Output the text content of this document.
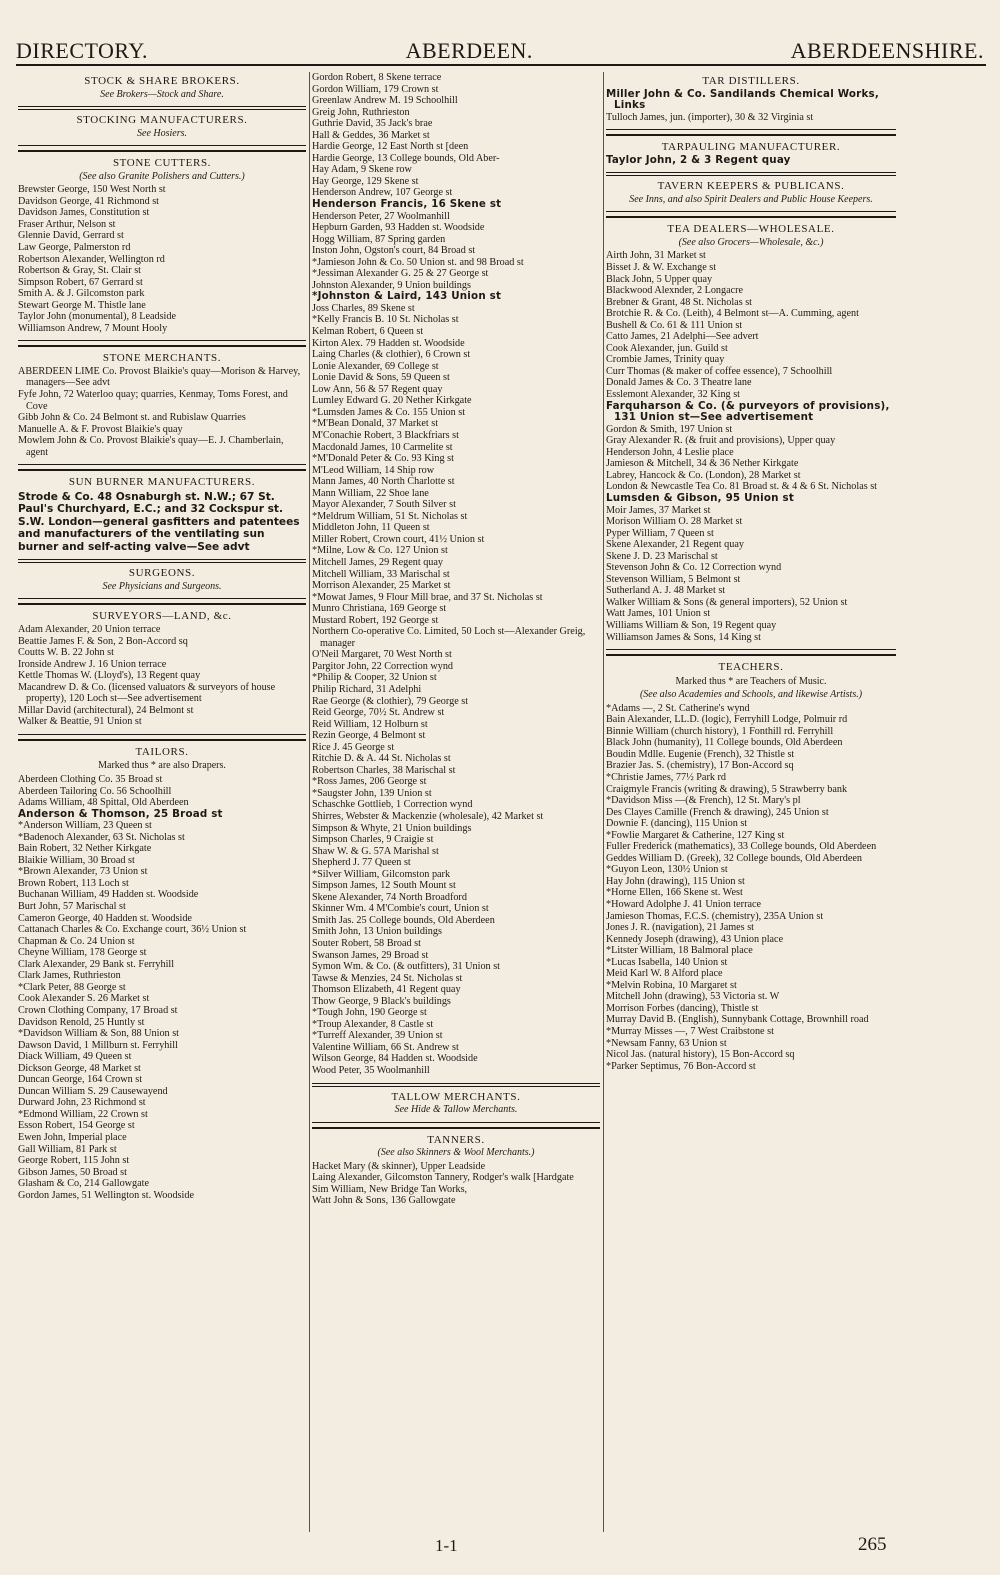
DIRECTORY.	ABERDEEN.	ABERDEENSHIRE.
STOCK & SHARE BROKERS.

See Brokers—Stock and Share.

STOCKING MANUFACTURERS.

See Hosiers.

STONE CUTTERS.

(See also Granite Polishers and Cutters.)

Brewster George, 150 West North st

Davidson George, 41 Richmond st

Davidson James, Constitution st

Fraser Arthur, Nelson st

Glennie David, Gerrard st

Law George, Palmerston rd

Robertson Alexander, Wellington rd

Robertson & Gray, St. Clair st

Simpson Robert, 67 Gerrard st

Smith A. & J. Gilcomston park

Stewart George M. Thistle lane

Taylor John (monumental), 8 Leadside

Williamson Andrew, 7 Mount Hooly

STONE MERCHANTS.

ABERDEEN LIME Co. Provost Blaikie's quay—Morison & Harvey, managers—See advt

Fyfe John, 72 Waterloo quay; quarries, Kenmay, Toms Forest, and Cove

Gibb John & Co. 24 Belmont st. and Rubislaw Quarries

Manuelle A. & F. Provost Blaikie's quay

Mowlem John & Co. Provost Blaikie's quay—E. J. Chamberlain, agent

SUN BURNER MANUFACTURERS.

Strode & Co. 48 Osnaburgh st. N.W.; 67 St. Paul's Churchyard, E.C.; and 32 Cockspur st. S.W. London—general gasfitters and patentees and manufacturers of the ventilating sun burner and self-acting valve—See advt

SURGEONS.

See Physicians and Surgeons.

SURVEYORS—LAND, &c.

Adam Alexander, 20 Union terrace

Beattie James F. & Son, 2 Bon-Accord sq

Coutts W. B. 22 John st

Ironside Andrew J. 16 Union terrace

Kettle Thomas W. (Lloyd's), 13 Regent quay

Macandrew D. & Co. (licensed valuators & surveyors of house property), 120 Loch st—See advertisement

Millar David (architectural), 24 Belmont st

Walker & Beattie, 91 Union st

TAILORS.

Marked thus * are also Drapers.

Aberdeen Clothing Co. 35 Broad st

Aberdeen Tailoring Co. 56 Schoolhill

Adams William, 48 Spittal, Old Aberdeen

Anderson & Thomson, 25 Broad st

*Anderson William, 23 Queen st

*Badenoch Alexander, 63 St. Nicholas st

Bain Robert, 32 Nether Kirkgate

Blaikie William, 30 Broad st

*Brown Alexander, 73 Union st

Brown Robert, 113 Loch st

Buchanan William, 49 Hadden st. Woodside

Burt John, 57 Marischal st

Cameron George, 40 Hadden st. Woodside

Cattanach Charles & Co. Exchange court, 36½ Union st

Chapman & Co. 24 Union st

Cheyne William, 178 George st

Clark Alexander, 29 Bank st. Ferryhill

Clark James, Ruthrieston

*Clark Peter, 88 George st

Cook Alexander S. 26 Market st

Crown Clothing Company, 17 Broad st

Davidson Renold, 25 Huntly st

*Davidson William & Son, 88 Union st

Dawson David, 1 Millburn st. Ferryhill

Diack William, 49 Queen st

Dickson George, 48 Market st

Duncan George, 164 Crown st

Duncan William S. 29 Causewayend

Durward John, 23 Richmond st

*Edmond William, 22 Crown st

Esson Robert, 154 George st

Ewen John, Imperial place

Gall William, 81 Park st

George Robert, 115 John st

Gibson James, 50 Broad st

Glasham & Co, 214 Gallowgate

Gordon James, 51 Wellington st. Woodside

Gordon Robert, 8 Skene terrace

Gordon William, 179 Crown st

Greenlaw Andrew M. 19 Schoolhill

Greig John, Ruthrieston

Guthrie David, 35 Jack's brae

Hall & Geddes, 36 Market st

Hardie George, 12 East North st [deen

Hardie George, 13 College bounds, Old Aber-

Hay Adam, 9 Skene row

Hay George, 129 Skene st

Henderson Andrew, 107 George st

Henderson Francis, 16 Skene st

Henderson Peter, 27 Woolmanhill

Hepburn Garden, 93 Hadden st. Woodside

Hogg William, 87 Spring garden

Inston John, Ogston's court, 84 Broad st

*Jamieson John & Co. 50 Union st. and 98 Broad st

*Jessiman Alexander G. 25 & 27 George st

Johnston Alexander, 9 Union buildings

*Johnston & Laird, 143 Union st

Joss Charles, 89 Skene st

*Kelly Francis B. 10 St. Nicholas st

Kelman Robert, 6 Queen st

Kirton Alex. 79 Hadden st. Woodside

Laing Charles (& clothier), 6 Crown st

Lonie Alexander, 69 College st

Lonie David & Sons, 59 Queen st

Low Ann, 56 & 57 Regent quay

Lumley Edward G. 20 Nether Kirkgate

*Lumsden James & Co. 155 Union st

*M'Bean Donald, 37 Market st

M'Conachie Robert, 3 Blackfriars st

Macdonald James, 10 Carmelite st

*M'Donald Peter & Co. 93 King st

M'Leod William, 14 Ship row

Mann James, 40 North Charlotte st

Mann William, 22 Shoe lane

Mayor Alexander, 7 South Silver st

*Meldrum William, 51 St. Nicholas st

Middleton John, 11 Queen st

Miller Robert, Crown court, 41½ Union st

*Milne, Low & Co. 127 Union st

Mitchell James, 29 Regent quay

Mitchell William, 33 Marischal st

Morrison Alexander, 25 Market st

*Mowat James, 9 Flour Mill brae, and 37 St. Nicholas st

Munro Christiana, 169 George st

Mustard Robert, 192 George st

Northern Co-operative Co. Limited, 50 Loch st—Alexander Greig, manager

O'Neil Margaret, 70 West North st

Pargitor John, 22 Correction wynd

*Philip & Cooper, 32 Union st

Philip Richard, 31 Adelphi

Rae George (& clothier), 79 George st

Reid George, 70½ St. Andrew st

Reid William, 12 Holburn st

Rezin George, 4 Belmont st

Rice J. 45 George st

Ritchie D. & A. 44 St. Nicholas st

Robertson Charles, 38 Marischal st

*Ross James, 206 George st

*Saugster John, 139 Union st

Schaschke Gottlieb, 1 Correction wynd

Shirres, Webster & Mackenzie (wholesale), 42 Market st

Simpson & Whyte, 21 Union buildings

Simpson Charles, 9 Craigie st

Shaw W. & G. 57A Marishal st

Shepherd J. 77 Queen st

*Silver William, Gilcomston park

Simpson James, 12 South Mount st

Skene Alexander, 74 North Broadford

Skinner Wm. 4 M'Combie's court, Union st

Smith Jas. 25 College bounds, Old Aberdeen

Smith John, 13 Union buildings

Souter Robert, 58 Broad st

Swanson James, 29 Broad st

Symon Wm. & Co. (& outfitters), 31 Union st

Tawse & Menzies, 24 St. Nicholas st

Thomson Elizabeth, 41 Regent quay

Thow George, 9 Black's buildings

*Tough John, 190 George st

*Troup Alexander, 8 Castle st

*Turreff Alexander, 39 Union st

Valentine William, 66 St. Andrew st

Wilson George, 84 Hadden st. Woodside

Wood Peter, 35 Woolmanhill

TALLOW MERCHANTS.

See Hide & Tallow Merchants.

TANNERS.

(See also Skinners & Wool Merchants.)

Hacket Mary (& skinner), Upper Leadside

Laing Alexander, Gilcomston Tannery, Rodger's walk [Hardgate

Sim William, New Bridge Tan Works,

Watt John & Sons, 136 Gallowgate

TAR DISTILLERS.

Miller John & Co. Sandilands Chemical Works, Links

Tulloch James, jun. (importer), 30 & 32 Virginia st

TARPAULING MANUFACTURER.

Taylor John, 2 & 3 Regent quay

TAVERN KEEPERS & PUBLICANS.

See Inns, and also Spirit Dealers and Public House Keepers.

TEA DEALERS—WHOLESALE.

(See also Grocers—Wholesale, &c.)

Airth John, 31 Market st

Bisset J. & W. Exchange st

Black John, 5 Upper quay

Blackwood Alexnder, 2 Longacre

Brebner & Grant, 48 St. Nicholas st

Brotchie R. & Co. (Leith), 4 Belmont st—A. Cumming, agent

Bushell & Co. 61 & 111 Union st

Catto James, 21 Adelphi—See advert

Cook Alexander, jun. Guild st

Crombie James, Trinity quay

Curr Thomas (& maker of coffee essence), 7 Schoolhill

Donald James & Co. 3 Theatre lane

Esslemont Alexander, 32 King st

Farquharson & Co. (& purveyors of provisions), 131 Union st—See advertisement

Gordon & Smith, 197 Union st

Gray Alexander R. (& fruit and provisions), Upper quay

Henderson John, 4 Leslie place

Jamieson & Mitchell, 34 & 36 Nether Kirkgate

Labrey, Hancock & Co. (London), 28 Market st

London & Newcastle Tea Co. 81 Broad st. & 4 & 6 St. Nicholas st

Lumsden & Gibson, 95 Union st

Moir James, 37 Market st

Morison William O. 28 Market st

Pyper William, 7 Queen st

Skene Alexander, 21 Regent quay

Skene J. D. 23 Marischal st

Stevenson John & Co. 12 Correction wynd

Stevenson William, 5 Belmont st

Sutherland A. J. 48 Market st

Walker William & Sons (& general importers), 52 Union st

Watt James, 101 Union st

Williams William & Son, 19 Regent quay

Williamson James & Sons, 14 King st

TEACHERS.

Marked thus * are Teachers of Music.

(See also Academies and Schools, and likewise Artists.)

*Adams —, 2 St. Catherine's wynd

Bain Alexander, LL.D. (logic), Ferryhill Lodge, Polmuir rd

Binnie William (church history), 1 Fonthill rd. Ferryhill

Black John (humanity), 11 College bounds, Old Aberdeen

Boudin Mdlle. Eugenie (French), 32 Thistle st

Brazier Jas. S. (chemistry), 17 Bon-Accord sq

*Christie James, 77½ Park rd

Craigmyle Francis (writing & drawing), 5 Strawberry bank

*Davidson Miss —(& French), 12 St. Mary's pl

Des Clayes Camille (French & drawing), 245 Union st

Downie F. (dancing), 115 Union st

*Fowlie Margaret & Catherine, 127 King st

Fuller Frederick (mathematics), 33 College bounds, Old Aberdeen

Geddes William D. (Greek), 32 College bounds, Old Aberdeen

*Guyon Leon, 130½ Union st

Hay John (drawing), 115 Union st

*Horne Ellen, 166 Skene st. West

*Howard Adolphe J. 41 Union terrace

Jamieson Thomas, F.C.S. (chemistry), 235A Union st

Jones J. R. (navigation), 21 James st

Kennedy Joseph (drawing), 43 Union place

*Litster William, 18 Balmoral place

*Lucas Isabella, 140 Union st

Meid Karl W. 8 Alford place

*Melvin Robina, 10 Margaret st

Mitchell John (drawing), 53 Victoria st. W

Morrison Forbes (dancing), Thistle st

Murray David B. (English), Sunnybank Cottage, Brownhill road

*Murray Misses —, 7 West Craibstone st

*Newsam Fanny, 63 Union st

Nicol Jas. (natural history), 15 Bon-Accord sq

*Parker Septimus, 76 Bon-Accord st

1-1	265
